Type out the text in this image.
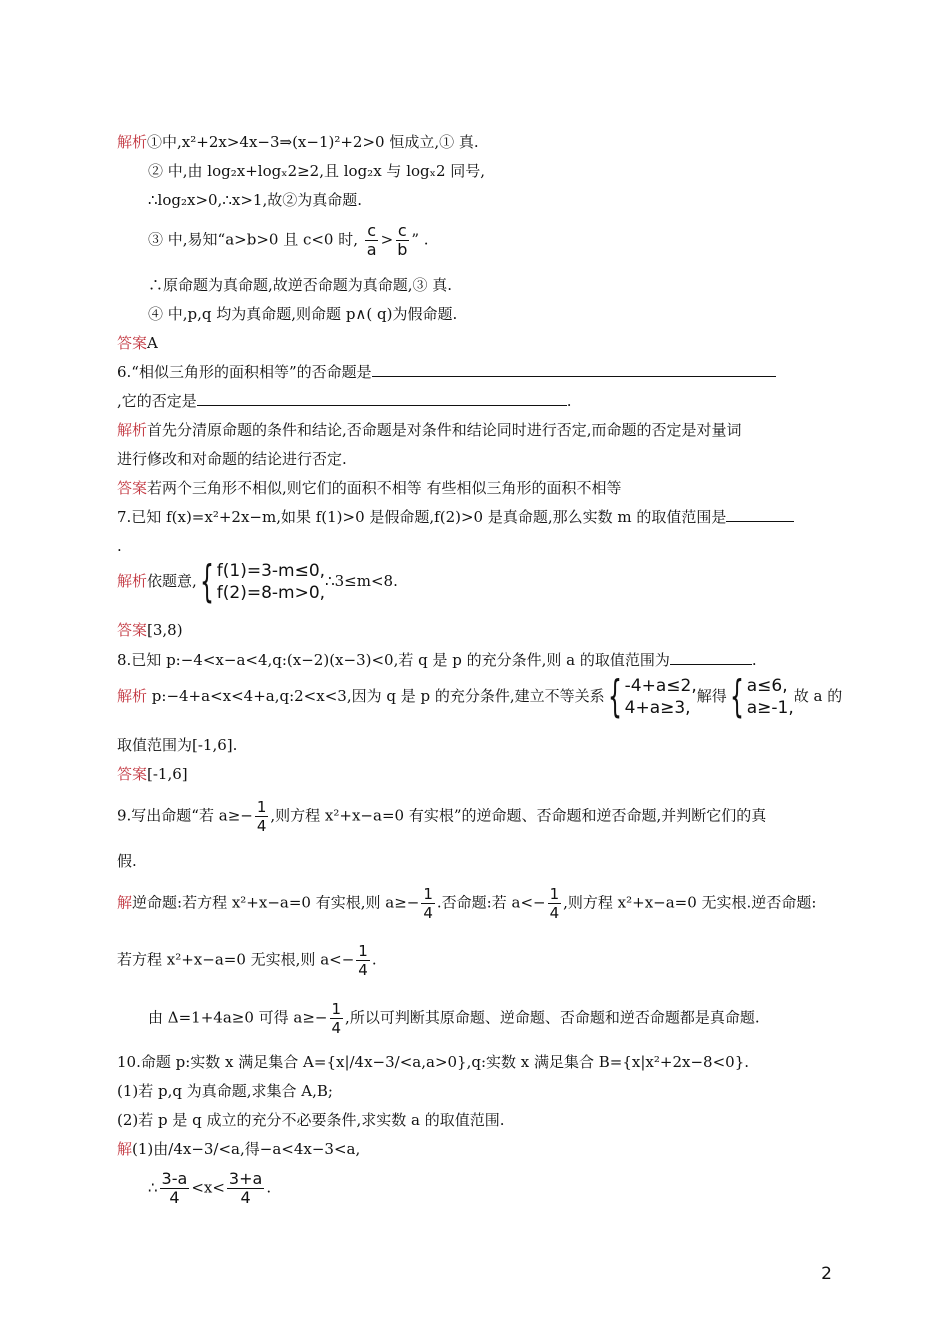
解析①中,x²+2x>4x−3⇒(x−1)²+2>0 恒成立,① 真.
② 中,由 log₂x+logₓ2≥2,且 log₂x 与 logₓ2 同号,
∴log₂x>0,∴x>1,故②为真命题.
③ 中,易知“a>b>0 且 c<0 时, $\frac{c}{a} > \frac{c}{b}$ ” .
∴原命题为真命题,故逆否命题为真命题,③ 真.
④ 中,p,q 均为真命题,则命题 p∧( q)为假命题.
答案A
6.“相似三角形的面积相等”的否命题是
,它的否定是	.
解析首先分清原命题的条件和结论,否命题是对条件和结论同时进行否定,而命题的否定是对量词
进行修改和对命题的结论进行否定.
答案若两个三角形不相似,则它们的面积不相等 有些相似三角形的面积不相等
7.已知 f(x)=x²+2x−m,如果 f(1)>0 是假命题,f(2)>0 是真命题,那么实数 m 的取值范围是
.
解析依题意, { f(1)=3-m≤0,
f(2)=8-m>0,
∴3≤m<8.
答案[3,8)
8.已知 p:−4<x−a<4,q:(x−2)(x−3)<0,若 q 是 p 的充分条件,则 a 的取值范围为	.
解析 p:−4+a<x<4+a,q:2<x<3,因为 q 是 p 的充分条件,建立不等关系 { -4+a≤2,
4+a≥3,
解得 { a≤6,
a≥-1,
故 a 的
取值范围为[-1,6].
答案[-1,6]
9.写出命题“若 $a\ge- \frac{1}{4}$ ,则方程 x²+x−a=0 有实根”的逆命题、否命题和逆否命题,并判断它们的真
假.
解逆命题:若方程 x²+x−a=0 有实根,则 $a\ge- \frac{1}{4}$ .否命题:若 $a<- \frac{1}{4}$ ,则方程 x²+x−a=0 无实根.逆否命题:
若方程 x²+x−a=0 无实根,则 $a<- \frac{1}{4}$ .
由 Δ=1+4a≥0 可得 $a\ge- \frac{1}{4}$ ,所以可判断其原命题、逆命题、否命题和逆否命题都是真命题.
10.命题 p:实数 x 满足集合 A={x|/4x−3/<a,a>0},q:实数 x 满足集合 B={x|x²+2x−8<0}.
(1)若 p,q 为真命题,求集合 A,B;
(2)若 p 是 q 成立的充分不必要条件,求实数 a 的取值范围.
解(1)由/4x−3/<a,得−a<4x−3<a,
∴ $\frac{3-a}{4} <x< \frac{3+a}{4}$ .
2
